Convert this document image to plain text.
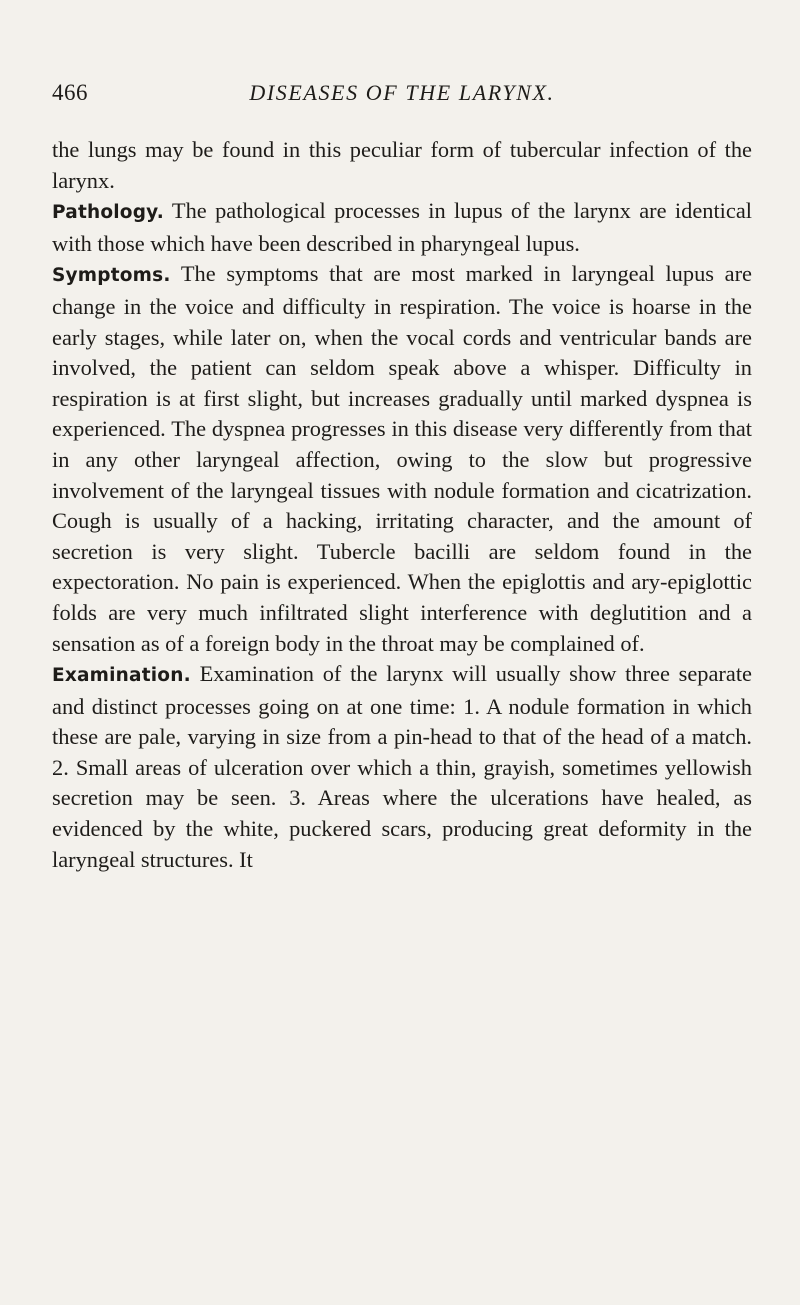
466	DISEASES OF THE LARYNX.

the lungs may be found in this peculiar form of tubercular infection of the larynx.

Pathology. The pathological processes in lupus of the larynx are identical with those which have been described in pharyngeal lupus.

Symptoms. The symptoms that are most marked in laryngeal lupus are change in the voice and difficulty in respiration. The voice is hoarse in the early stages, while later on, when the vocal cords and ventricular bands are involved, the patient can seldom speak above a whisper. Difficulty in respiration is at first slight, but increases gradually until marked dyspnea is experienced. The dyspnea progresses in this disease very differently from that in any other laryngeal affection, owing to the slow but progressive involvement of the laryngeal tissues with nodule formation and cicatrization. Cough is usually of a hacking, irritating character, and the amount of secretion is very slight. Tubercle bacilli are seldom found in the expectoration. No pain is experienced. When the epiglottis and ary-epiglottic folds are very much infiltrated slight interference with deglutition and a sensation as of a foreign body in the throat may be complained of.

Examination. Examination of the larynx will usually show three separate and distinct processes going on at one time: 1. A nodule formation in which these are pale, varying in size from a pin-head to that of the head of a match. 2. Small areas of ulceration over which a thin, grayish, sometimes yellowish secretion may be seen. 3. Areas where the ulcerations have healed, as evidenced by the white, puckered scars, producing great deformity in the laryngeal structures. It
